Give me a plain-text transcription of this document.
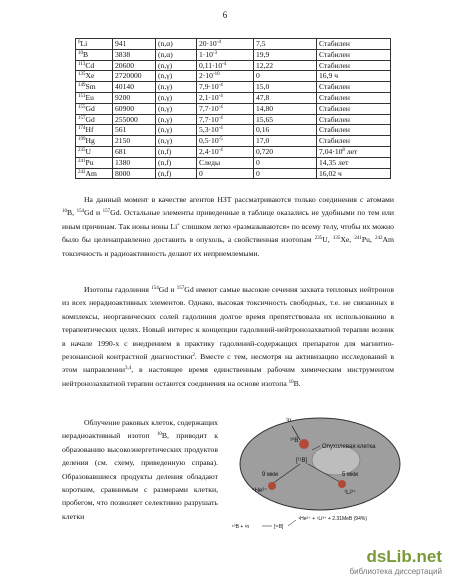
6
$^6$Li	941	(n,α)	$20\cdot 10^{-4}$	7,5	Стабилен
$^{10}$B	3838	(n,α)	$1\cdot 10^{-3}$	19,9	Стабилен
$^{113}$Cd	20600	(n,γ)	$0,11\cdot 10^{-4}$	12,22	Стабилен
$^{135}$Xe	2720000	(n,γ)	$2\cdot 10^{-10}$	0	16,9 ч
$^{149}$Sm	40140	(n,γ)	$7,9\cdot 10^{-4}$	15,0	Стабилен
$^{151}$Eu	9200	(n,γ)	$2,1\cdot 10^{-4}$	47,8	Стабилен
$^{155}$Gd	60900	(n,γ)	$7,7\cdot 10^{-4}$	14,80	Стабилен
$^{157}$Gd	255000	(n,γ)	$7,7\cdot 10^{-4}$	15,65	Стабилен
$^{174}$Hf	561	(n,γ)	$5,3\cdot 10^{-4}$	0,16	Стабилен
$^{199}$Hg	2150	(n,γ)	$0,5\cdot 10^{-5}$	17,0	Стабилен
$^{235}$U	681	(n,f)	$2,4\cdot 10^{-4}$	0,720	$7,04\cdot 10^8$ лет
$^{241}$Pu	1380	(n,f)	Следы	0	14,35 лет
$^{242}$Am	8000	(n,f)	0	0	16,02 ч

На данный момент в качестве агентов НЗТ рассматриваются только соединения с атомами $^{10}$B, $^{154}$Gd и $^{157}$Gd. Остальные элементы приведенные в таблице оказались не удобными по тем или иным причинам. Так ионы ионы Li+ слишком легко «размазываются» по всему телу, чтобы их можно было бы целенаправленно доставить в опухоль, а свойственная изотопам $^{235}$U, $^{135}$Xe, $^{241}$Pu, $^{242}$Am токсичность и радиоактивность делают их неприемлемыми.

Изотопы гадолиния $^{154}$Gd и $^{157}$Gd имеют самые высокие сечения захвата тепловых нейтронов из всех нерадиоактивных элементов. Однако, высокая токсичность свободных, т.е. не связанных в комплексы, неорганических солей гадолиния долгое время препятствовала их использованию в терапевтических целях. Новый интерес к концепции гадолиний-нейтронозахватной терапии возник в начале 1990-х с внедрением в практику гадолиний-содержащих препаратов для магнитно-резонансной контрастной диагностики$^2$. Вместе с тем, несмотря на активизацию исследований в этом направлении$^{3,4}$, в настоящее время единственным рабочим химическим инструментом нейтронозахватной терапии остаются соединения на основе изотопа $^{10}$B.

Облучение раковых клеток, содержащих нерадиоактивный изотоп $^{10}$B, приводит к образованию высокоэнергетических продуктов деления (см. схему, приведенную справа). Образовавшиеся продукты деления обладают коротким, сравнимым с размерами клетки, пробегом, что позволяет селективно разрушать клетки

¹n
¹⁰B
[¹¹B]
Опухолевая клетка
9 мкм	5 мкм
⁴He²⁺	⁷Li³⁺
¹⁰B + ¹n	[¹¹B]
⁴He²⁺ + ⁷Li³⁺ + 2.31MeB (94%)
dsLib.net
библиотека диссертаций
